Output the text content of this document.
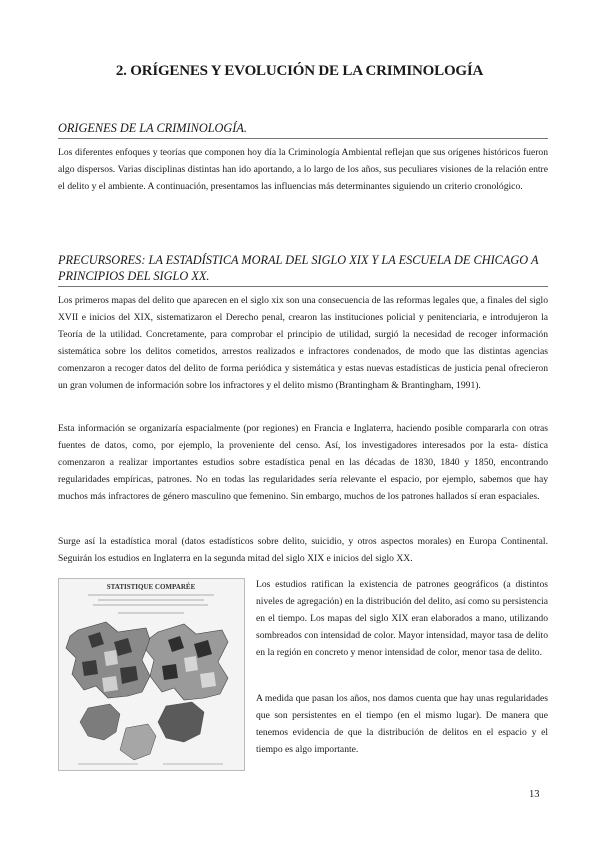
2. ORÍGENES Y EVOLUCIÓN DE LA CRIMINOLOGÍA
ORIGENES DE LA CRIMINOLOGÍA.

Los diferentes enfoques y teorías que componen hoy día la Criminología Ambiental reflejan que sus orígenes históricos fueron algo dispersos. Varias disciplinas distintas han ido aportando, a lo largo de los años, sus peculiares visiones de la relación entre el delito y el ambiente. A continuación, presentamos las influencias más determinantes siguiendo un criterio cronológico.

PRECURSORES: LA ESTADÍSTICA MORAL DEL SIGLO XIX Y LA ESCUELA DE CHICAGO A PRINCIPIOS DEL SIGLO XX.

Los primeros mapas del delito que aparecen en el siglo xix son una consecuencia de las reformas legales que, a finales del siglo XVII e inicios del XIX, sistematizaron el Derecho penal, crearon las instituciones policial y penitenciaria, e introdujeron la Teoría de la utilidad. Concretamente, para comprobar el principio de utilidad, surgió la necesidad de recoger información sistemática sobre los delitos cometidos, arrestos realizados e infractores condenados, de modo que las distintas agencias comenzaron a recoger datos del delito de forma periódica y sistemática y estas nuevas estadísticas de justicia penal ofrecieron un gran volumen de información sobre los infractores y el delito mismo (Brantingham & Brantingham, 1991).

Esta información se organizaría espacialmente (por regiones) en Francia e Inglaterra, haciendo posible compararla con otras fuentes de datos, como, por ejemplo, la proveniente del censo. Así, los investigadores interesados por la esta- dística comenzaron a realizar importantes estudios sobre estadística penal en las décadas de 1830, 1840 y 1850, encontrando regularidades empíricas, patrones. No en todas las regularidades sería relevante el espacio, por ejemplo, sabemos que hay muchos más infractores de género masculino que femenino. Sin embargo, muchos de los patrones hallados sí eran espaciales.

Surge así la estadística moral (datos estadísticos sobre delito, suicidio, y otros aspectos morales) en Europa Continental. Seguirán los estudios en Inglaterra en la segunda mitad del siglo XIX e inicios del siglo XX.

STATISTIQUE COMPARÉE	Los estudios ratifican la existencia de patrones geográficos (a distintos niveles de agregación) en la distribución del delito, así como su persistencia en el tiempo. Los mapas del siglo XIX eran elaborados a mano, utilizando sombreados con intensidad de color. Mayor intensidad, mayor tasa de delito en la región en concreto y menor intensidad de color, menor tasa de delito.

A medida que pasan los años, nos damos cuenta que hay unas regularidades que son persistentes en el tiempo (en el mismo lugar). De manera que tenemos evidencia de que la distribución de delitos en el espacio y el tiempo es algo importante.

13
